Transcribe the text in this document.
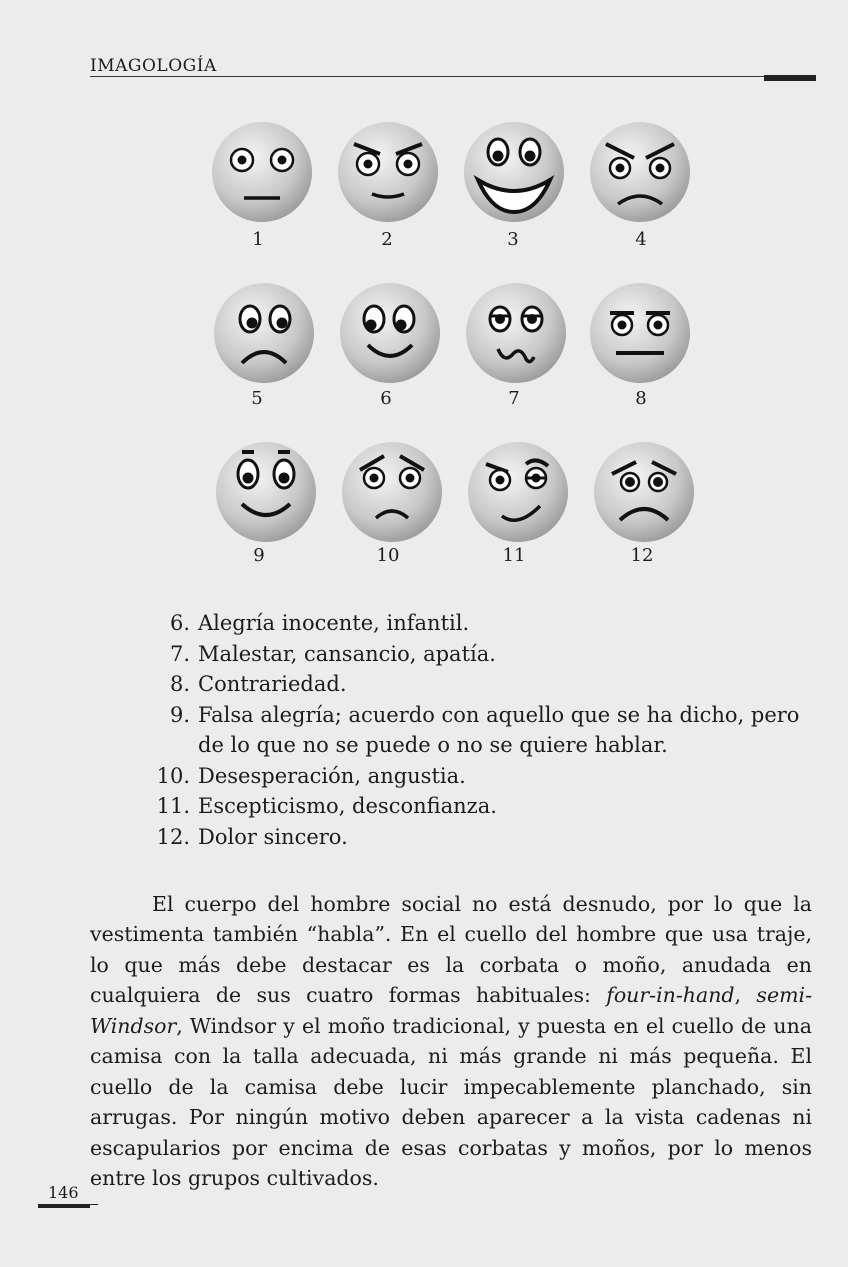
IMAGOLOGÍA
1	2	3	4
5	6	7	8
9	10	11	12
6. Alegría inocente, infantil.
7. Malestar, cansancio, apatía.
8. Contrariedad.
9. Falsa alegría; acuerdo con aquello que se ha dicho, pero de lo que no se puede o no se quiere hablar.
10. Desesperación, angustia.
11. Escepticismo, desconfianza.
12. Dolor sincero.

El cuerpo del hombre social no está desnudo, por lo que la vestimenta también “habla”. En el cuello del hombre que usa traje, lo que más debe destacar es la corbata o moño, anudada en cualquiera de sus cuatro formas habituales: four-in-hand, semi-Windsor, Windsor y el moño tradicional, y puesta en el cuello de una camisa con la talla adecuada, ni más grande ni más pequeña. El cuello de la camisa debe lucir impecablemente planchado, sin arrugas. Por ningún motivo deben aparecer a la vista cadenas ni escapularios por encima de esas corbatas y moños, por lo menos entre los grupos cultivados.

146
